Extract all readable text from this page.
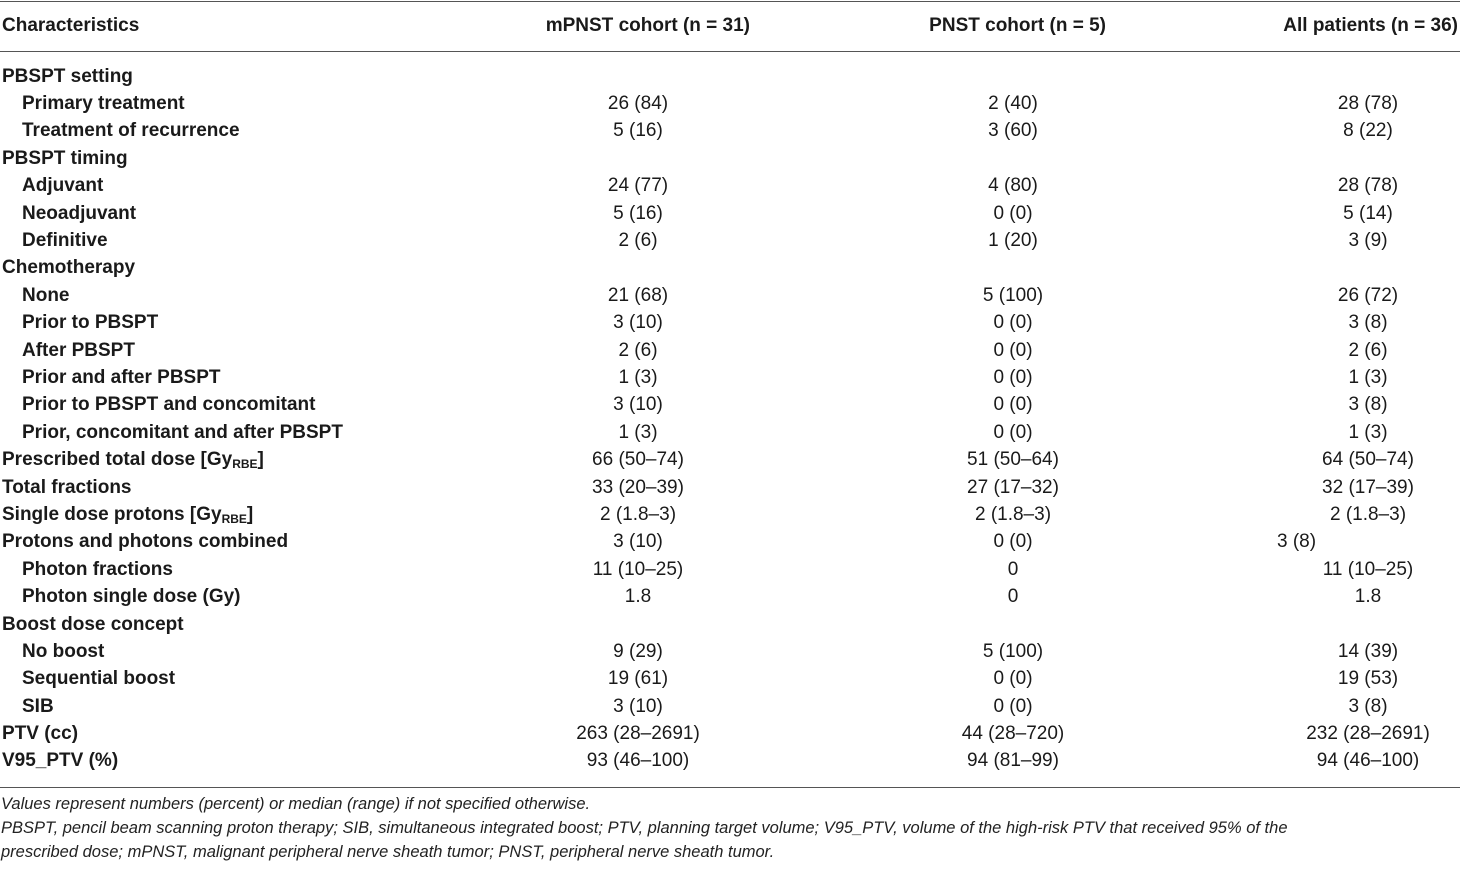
Characteristics	mPNST cohort (n = 31)	PNST cohort (n = 5)	All patients (n = 36)
PBSPT setting	

Primary treatment	26 (84)	2 (40)	28 (78)

Treatment of recurrence	5 (16)	3 (60)	8 (22)

PBSPT timing	

Adjuvant	24 (77)	4 (80)	28 (78)

Neoadjuvant	5 (16)	0 (0)	5 (14)

Definitive	2 (6)	1 (20)	3 (9)

Chemotherapy	

None	21 (68)	5 (100)	26 (72)

Prior to PBSPT	3 (10)	0 (0)	3 (8)

After PBSPT	2 (6)	0 (0)	2 (6)

Prior and after PBSPT	1 (3)	0 (0)	1 (3)

Prior to PBSPT and concomitant	3 (10)	0 (0)	3 (8)

Prior, concomitant and after PBSPT	1 (3)	0 (0)	1 (3)

Prescribed total dose $[Gy_{RBE}]$	66 (50–74)	51 (50–64)	64 (50–74)

Total fractions	33 (20–39)	27 (17–32)	32 (17–39)

Single dose protons $[Gy_{RBE}]$	2 (1.8–3)	2 (1.8–3)	2 (1.8–3)

Protons and photons combined	3 (10)	0 (0)	3 (8)

Photon fractions	11 (10–25)	0	11 (10–25)

Photon single dose (Gy)	1.8	0	1.8

Boost dose concept	

No boost	9 (29)	5 (100)	14 (39)

Sequential boost	19 (61)	0 (0)	19 (53)

SIB	3 (10)	0 (0)	3 (8)

PTV (cc)	263 (28–2691)	44 (28–720)	232 (28–2691)

V95_PTV (%)	93 (46–100)	94 (81–99)	94 (46–100)

Values represent numbers (percent) or median (range) if not specified otherwise.

PBSPT, pencil beam scanning proton therapy; SIB, simultaneous integrated boost; PTV, planning target volume; V95_PTV, volume of the high-risk PTV that received 95% of the

prescribed dose; mPNST, malignant peripheral nerve sheath tumor; PNST, peripheral nerve sheath tumor.
